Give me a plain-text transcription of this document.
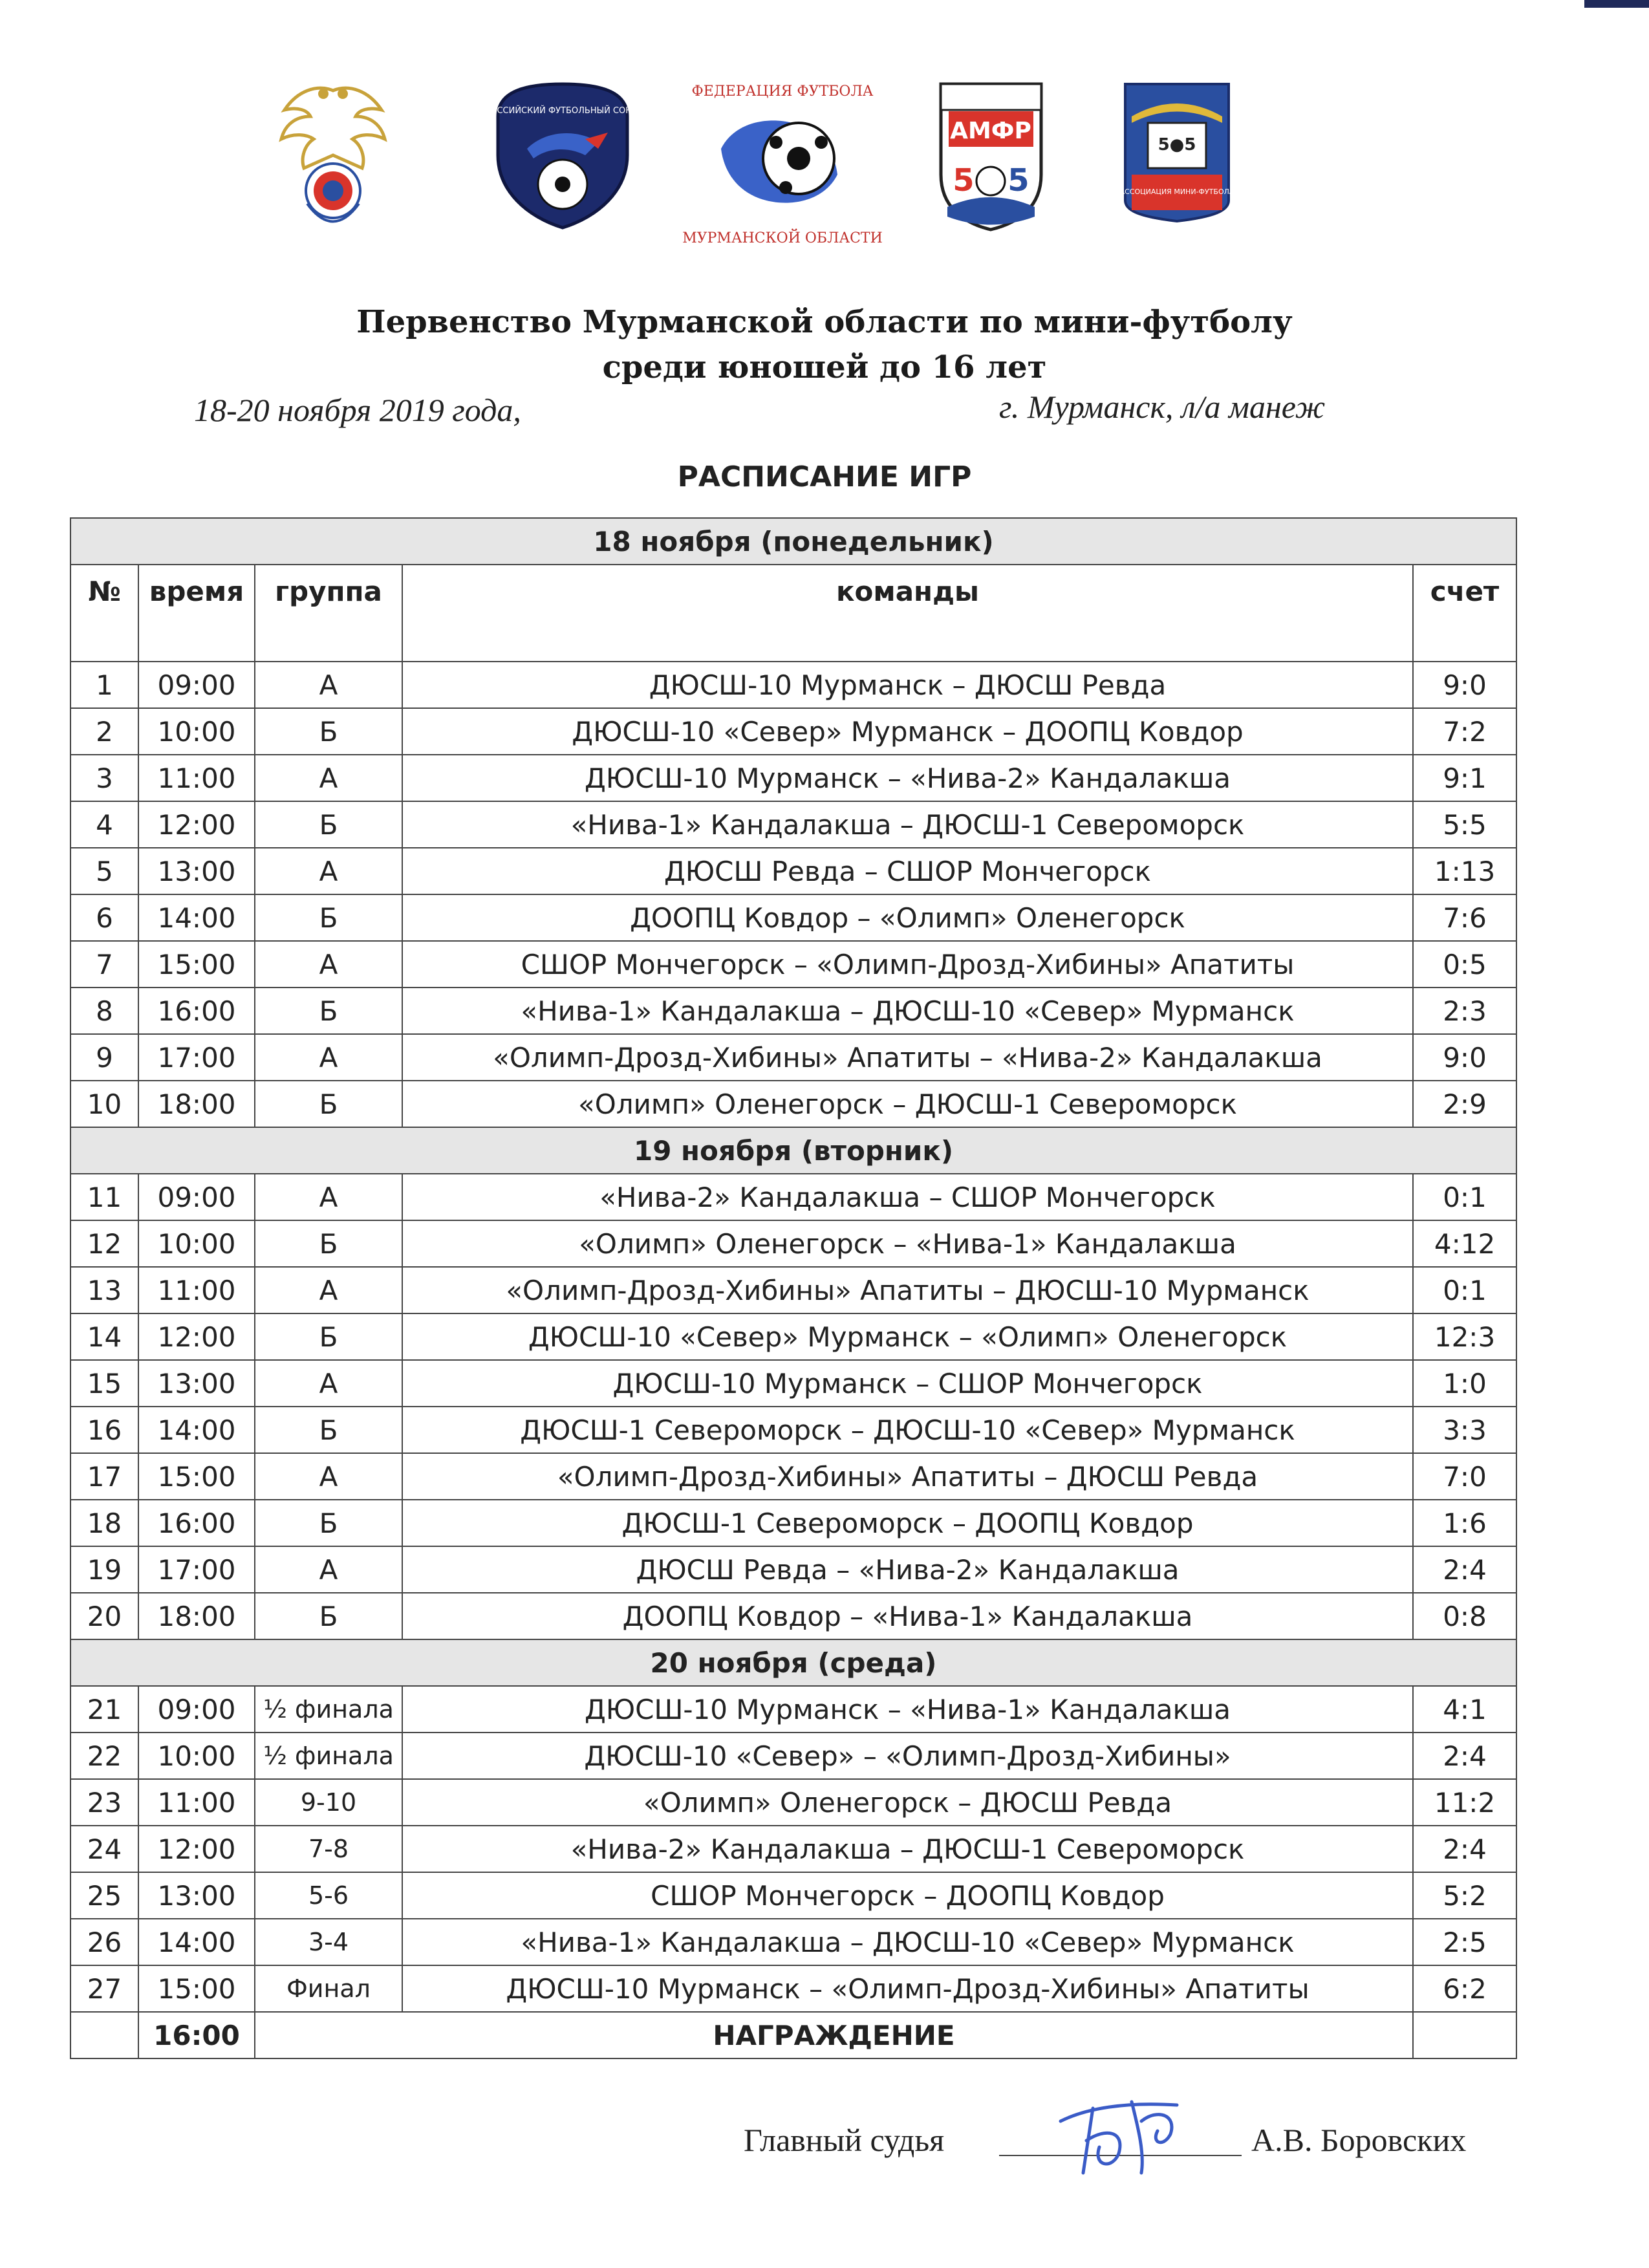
РОССИЙСКИЙ ФУТБОЛЬНЫЙ СОЮЗ
ФЕДЕРАЦИЯ ФУТБОЛА
МУРМАНСКОЙ ОБЛАСТИ
АМФР
5 5
5●5
АССОЦИАЦИЯ МИНИ-ФУТБОЛА
Первенство Мурманской области по мини-футболу
среди юношей до 16 лет
18-20 ноября 2019 года,	г. Мурманск, л/а манеж
РАСПИСАНИЕ ИГР
18 ноября (понедельник)				
№	время	группа	команды	счет
1	09:00	А	ДЮСШ-10 Мурманск – ДЮСШ Ревда	9:0
2	10:00	Б	ДЮСШ-10 «Север» Мурманск – ДООПЦ Ковдор	7:2
3	11:00	А	ДЮСШ-10 Мурманск – «Нива-2» Кандалакша	9:1
4	12:00	Б	«Нива-1» Кандалакша – ДЮСШ-1 Североморск	5:5
5	13:00	А	ДЮСШ Ревда – СШОР Мончегорск	1:13
6	14:00	Б	ДООПЦ Ковдор – «Олимп» Оленегорск	7:6
7	15:00	А	СШОР Мончегорск – «Олимп-Дрозд-Хибины» Апатиты	0:5
8	16:00	Б	«Нива-1» Кандалакша – ДЮСШ-10 «Север» Мурманск	2:3
9	17:00	А	«Олимп-Дрозд-Хибины» Апатиты – «Нива-2» Кандалакша	9:0
10	18:00	Б	«Олимп» Оленегорск – ДЮСШ-1 Североморск	2:9
19 ноября (вторник)				
11	09:00	А	«Нива-2» Кандалакша – СШОР Мончегорск	0:1
12	10:00	Б	«Олимп» Оленегорск – «Нива-1» Кандалакша	4:12
13	11:00	А	«Олимп-Дрозд-Хибины» Апатиты – ДЮСШ-10 Мурманск	0:1
14	12:00	Б	ДЮСШ-10 «Север» Мурманск – «Олимп» Оленегорск	12:3
15	13:00	А	ДЮСШ-10 Мурманск – СШОР Мончегорск	1:0
16	14:00	Б	ДЮСШ-1 Североморск – ДЮСШ-10 «Север» Мурманск	3:3
17	15:00	А	«Олимп-Дрозд-Хибины» Апатиты – ДЮСШ Ревда	7:0
18	16:00	Б	ДЮСШ-1 Североморск – ДООПЦ Ковдор	1:6
19	17:00	А	ДЮСШ Ревда – «Нива-2» Кандалакша	2:4
20	18:00	Б	ДООПЦ Ковдор – «Нива-1» Кандалакша	0:8
20 ноября (среда)				
21	09:00	½ финала	ДЮСШ-10 Мурманск – «Нива-1» Кандалакша	4:1
22	10:00	½ финала	ДЮСШ-10 «Север» – «Олимп-Дрозд-Хибины»	2:4
23	11:00	9-10	«Олимп» Оленегорск – ДЮСШ Ревда	11:2
24	12:00	7-8	«Нива-2» Кандалакша – ДЮСШ-1 Североморск	2:4
25	13:00	5-6	СШОР Мончегорск – ДООПЦ Ковдор	5:2
26	14:00	3-4	«Нива-1» Кандалакша – ДЮСШ-10 «Север» Мурманск	2:5
27	15:00	Финал	ДЮСШ-10 Мурманск – «Олимп-Дрозд-Хибины» Апатиты	6:2
	16:00	НАГРАЖДЕНИЕ		
Главный судья	А.В. Боровских
